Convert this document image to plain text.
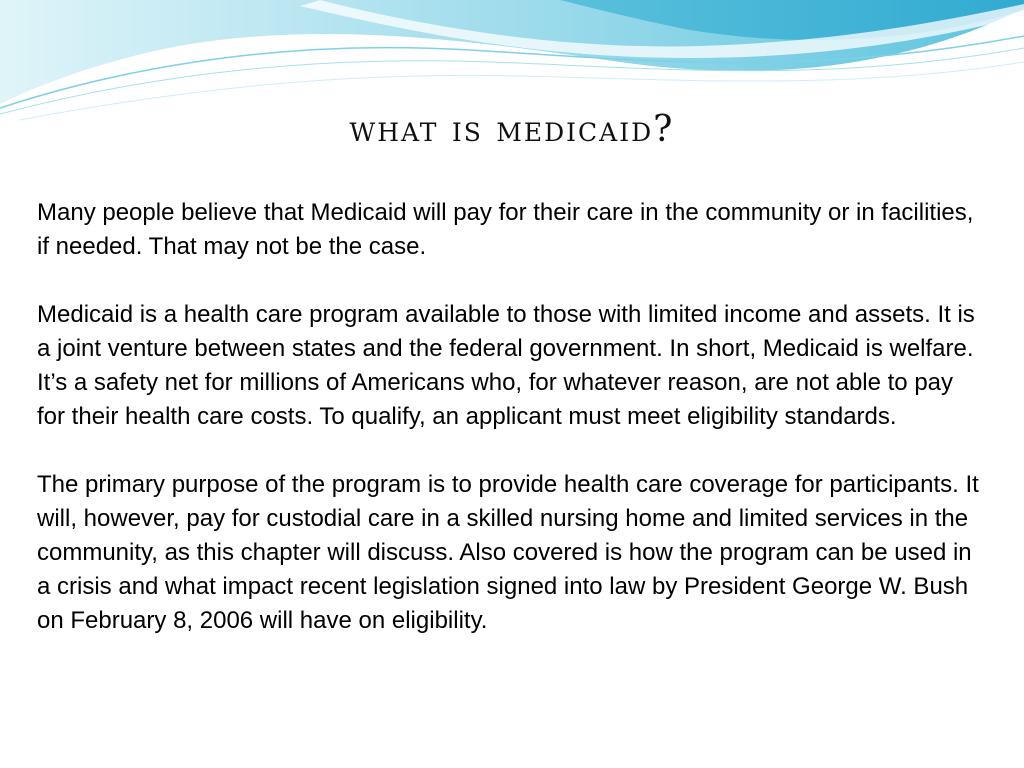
what is medicaid?

Many people believe that Medicaid will pay for their care in the community or in facilities, if needed. That may not be the case.

Medicaid is a health care program available to those with limited income and assets. It is a joint venture between states and the federal government. In short, Medicaid is welfare. It’s a safety net for millions of Americans who, for whatever reason, are not able to pay for their health care costs. To qualify, an applicant must meet eligibility standards.

The primary purpose of the program is to provide health care coverage for participants. It will, however, pay for custodial care in a skilled nursing home and limited services in the community, as this chapter will discuss. Also covered is how the program can be used in a crisis and what impact recent legislation signed into law by President George W. Bush on February 8, 2006 will have on eligibility.
